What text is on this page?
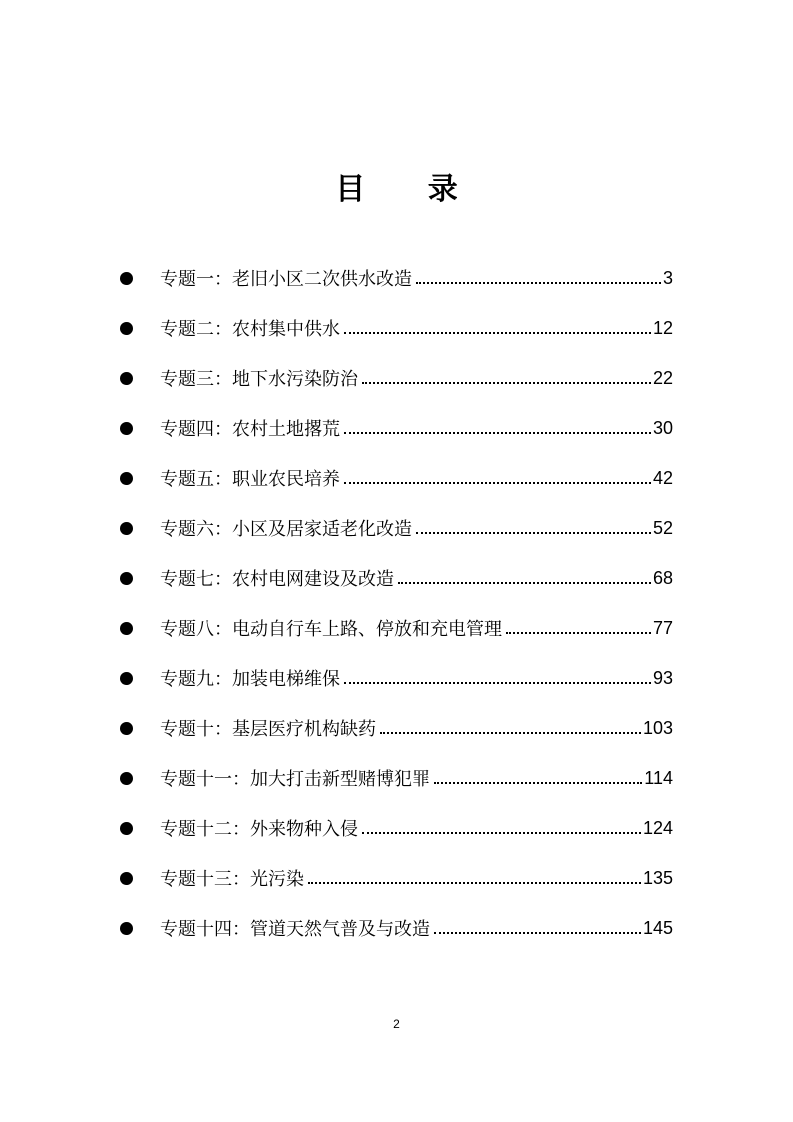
目 录
专题一：老旧小区二次供水改造	3
专题二：农村集中供水	12
专题三：地下水污染防治	22
专题四：农村土地撂荒	30
专题五：职业农民培养	42
专题六：小区及居家适老化改造	52
专题七：农村电网建设及改造	68
专题八：电动自行车上路、停放和充电管理	77
专题九：加装电梯维保	93
专题十：基层医疗机构缺药	103
专题十一：加大打击新型赌博犯罪	114
专题十二：外来物种入侵	124
专题十三：光污染	135
专题十四：管道天然气普及与改造	145
2
